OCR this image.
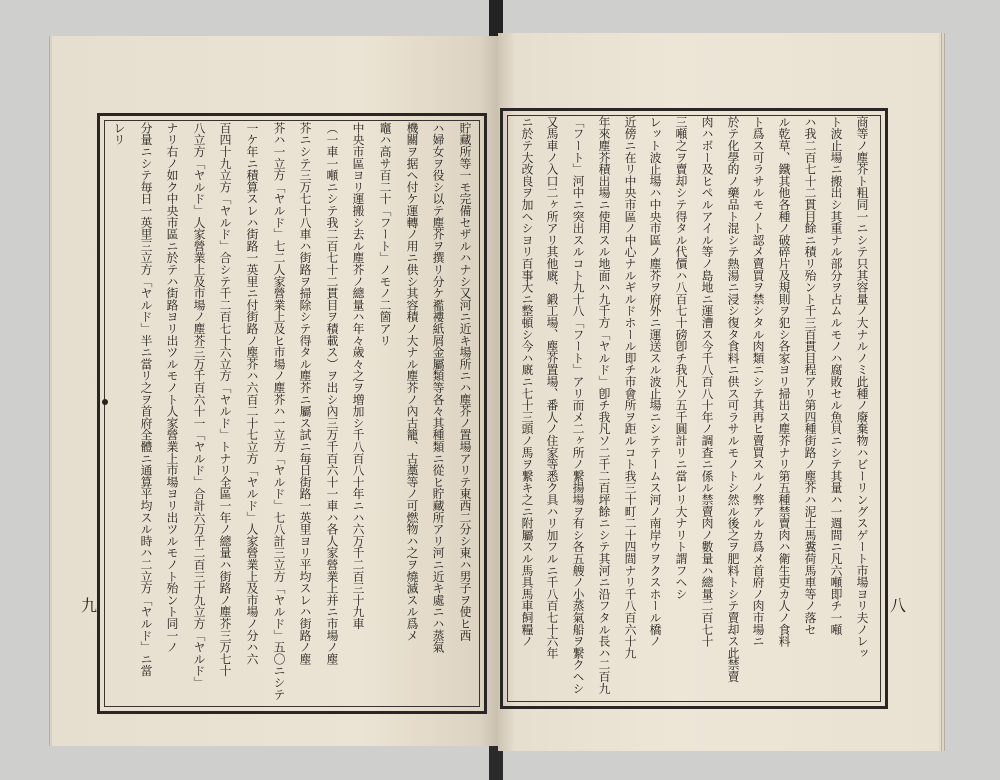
商等ノ塵芥ト粗同一ニシテ只其容量ノ大ナルノミ此種ノ廢棄物ハビーリングスゲート市場ヨリ夫ノレッ
ト波止場ニ搬出シ其重ナル部分ヲ占ムルモノハ腐敗セル魚貝ニシテ其量ハ一週間ニ凡六噸即チ一噸
ハ我二百七十二貫目餘ニ積リ殆ント千三百貫目程アリ第四種街路ノ塵芥ハ泥土馬糞荷馬車等ノ落セ
ル乾草、鐵其他各種ノ破碎片及規則ヲ犯シ各家ヨリ掃出ス塵芥ナリ第五種禁賣肉ハ衛生吏カ人ノ食料
ト爲ス可ラサルモノト認メ賣買ヲ禁シタル肉類ニシテ其再ヒ賣買スルノ弊アルカ爲メ首府ノ肉市場ニ
於テ化學的ノ藥品ト混シテ熱湯ニ浸シ復タ食料ニ供ス可ラサルモノトシ然ル後之ヲ肥料トシテ賣却ス此禁賣
肉ハボー及ヒペルアイル等ノ島地ニ運漕ス今千八百八十年ノ調査ニ係ル禁賣肉ノ數量ハ總量二百七十
三噸之ヲ賣却シテ得タル代價ハ八百七十磅卽チ我凡ソ五千圓計リニ當レリ大ナリト謂フヘシ
レット波止場ハ中央市區ノ塵芥ヲ府外ニ運送スル波止場ニシテテームス河ノ南岸ウヲクスホール橋ノ
近傍ニ在リ中央市區ノ中心ナルギルドホール即チ市會所ヲ距ルコト我三十町二十四間ナリ千八百六十九
年來塵芥積出場ニ使用スル地面ハ九千方「ヤルド」卽チ我凡ソ二千二百坪餘ニシテ其河ニ沿フタル長ハ二百九
「フート」河中ニ突出スルコト九十八「フート」アリ而メ二ヶ所ノ繋揚場ヲ有シ各五艘ノ小蒸氣船ヲ繋クヘシ
又馬車ノ入口二ヶ所アリ其他廐、鍛工場、塵芥置場、番人ノ住家等悉ク具ハリ加フルニ千八百七十六年
ニ於テ大改良ヲ加ヘシヨリ百事大ニ整頓シ今ハ廐ニ七十三頭ノ馬ヲ繋キ之ニ附屬スル馬具馬車飼糧ノ
貯藏所等一モ完備セザルハナシ又河ニ近キ場所ニハ塵芥ノ置場アリテ東西二分シ東ハ男子ヲ使ヒ西
ハ婦女ヲ役シ以テ塵芥ヲ撰リ分ケ襤褸紙屑金屬類等各々其種類ニ從ヒ貯藏所アリ河ニ近キ處ニハ蒸氣
機關ヲ据ヘ付ケ運轉ノ用ニ供シ其容積ノ大ナル塵芥ノ內古籠、古藁等ノ可燃物ハ之ヲ燒滅スル爲メ
竈ハ高サ百二十「フート」ノモノ二箇アリ
中央市區ヨリ運搬シ去ル塵芥ノ總量ハ年々歲々之ヲ増加シ千八百八十年ニハ六万千二百三十九車
（一車一噸ニシテ我二百七十二貫目ヲ積載ス）ヲ出シ內三万千百六十一車ハ各人家營業上并ニ市場ノ塵
芥ニシテ三万七十八車ハ街路ヲ掃除シテ得タル塵芥ニ屬ス試ニ毎日街路一英里ヨリ平均スレハ街路ノ塵
芥ハ一立方「ヤルド」七二人家營業上及ヒ市場ノ塵芥ハ一立方「ヤルド」七八計三立方「ヤルド」五〇ニシテ
一ケ年ニ積算スレハ街路一英里ニ付街路ノ塵芥ハ六百二十七立方「ヤルド」人家營業上及市場ノ分ハ六
百四十九立方「ヤルド」合シテ千二百七十六立方「ヤルド」トナリ全區一年ノ總量ハ街路ノ塵芥三万七十
八立方「ヤルド」人家營業上及市場ノ塵芥三万千百六十一「ヤルド」合計六万千二百三十九立方「ヤルド」
ナリ右ノ如ク中央市區ニ於テハ街路ヨリ出ツルモノト人家營業上市場ヨリ出ツルモノト殆ント同一ノ
分量ニシテ毎日一英里三立方「ヤルド」半ニ當リ之ヲ首府全體ニ通算平均スル時ハ二立方「ヤルド」ニ當
レリ
九	八
